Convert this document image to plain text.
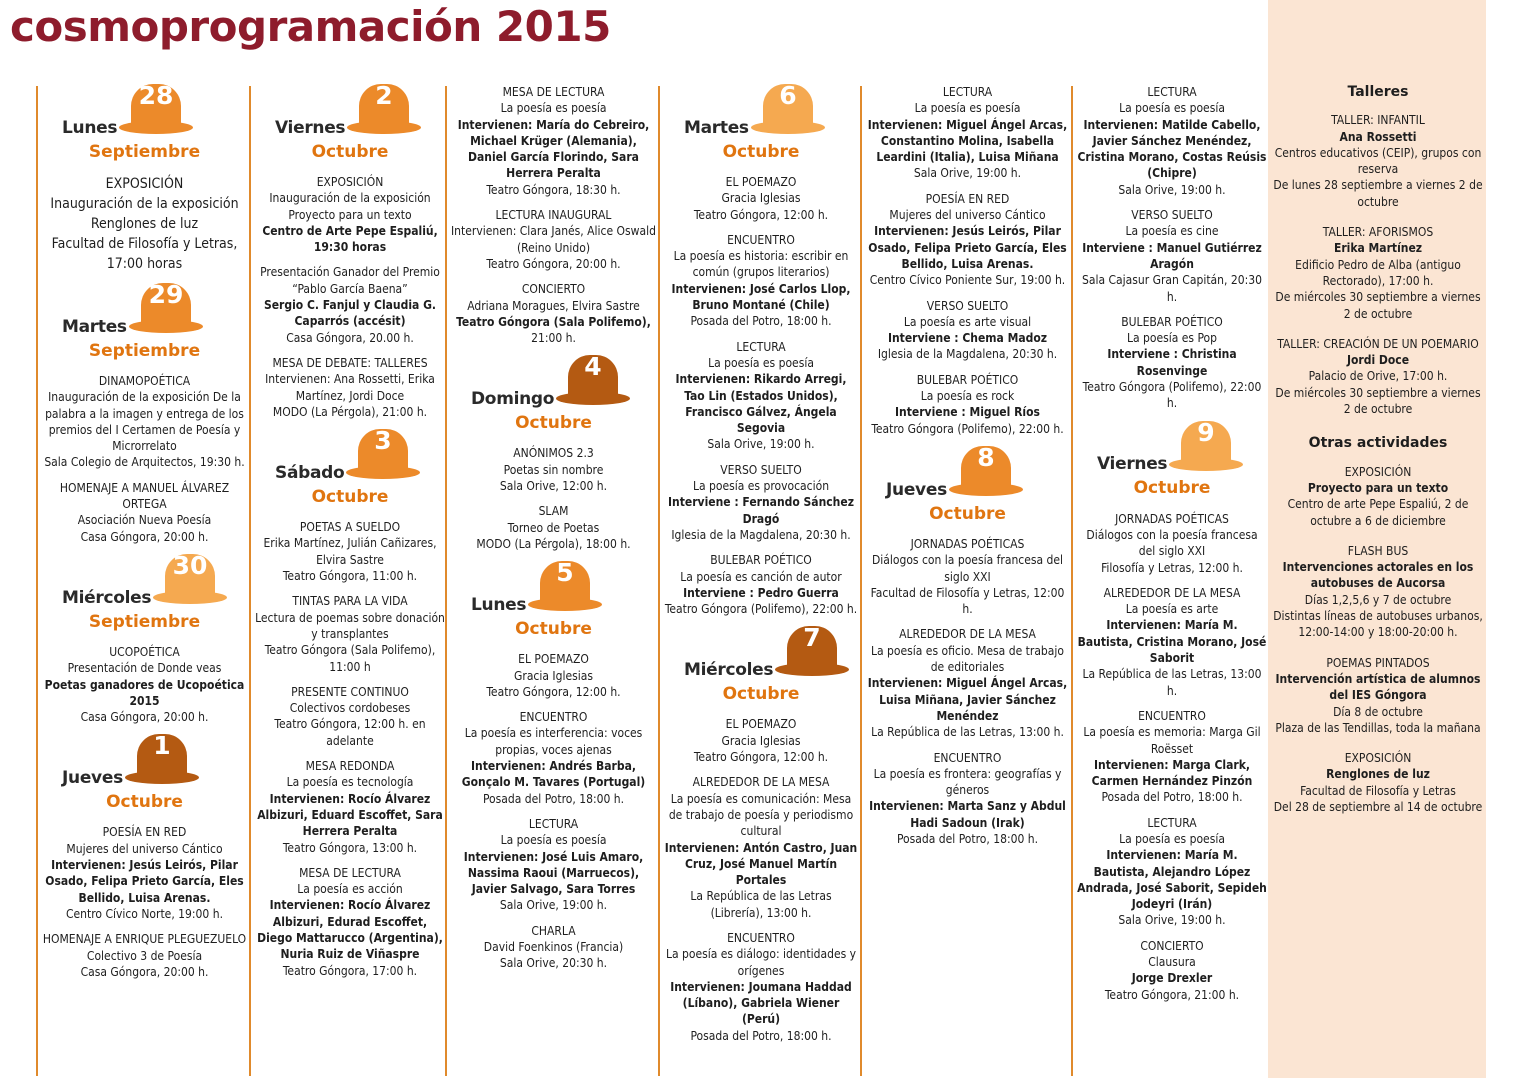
cosmoprogramación 2015
Lunes
28
Septiembre
EXPOSICIÓN
Inauguración de la exposición Renglones de luz
Facultad de Filosofía y Letras, 17:00 horas
Martes
29
Septiembre
DINAMOPOÉTICA
Inauguración de la exposición De la palabra a la imagen y entrega de los premios del I Certamen de Poesía y Microrrelato
Sala Colegio de Arquitectos, 19:30 h.
HOMENAJE A MANUEL ÁLVAREZ ORTEGA
Asociación Nueva Poesía
Casa Góngora, 20:00 h.
Miércoles
30
Septiembre
UCOPOÉTICA
Presentación de Donde veas
Poetas ganadores de Ucopoética 2015
Casa Góngora, 20:00 h.
Jueves
1
Octubre
POESÍA EN RED
Mujeres del universo Cántico
Intervienen: Jesús Leirós, Pilar Osado, Felipa Prieto García, Eles Bellido, Luisa Arenas.
Centro Cívico Norte, 19:00 h.
HOMENAJE A ENRIQUE PLEGUEZUELO
Colectivo 3 de Poesía
Casa Góngora, 20:00 h.
Viernes
2
Octubre
EXPOSICIÓN
Inauguración de la exposición Proyecto para un texto
Centro de Arte Pepe Espaliú, 19:30 horas
Presentación Ganador del Premio “Pablo García Baena”
Sergio C. Fanjul y Claudia G. Caparrós (accésit)
Casa Góngora, 20.00 h.
MESA DE DEBATE: TALLERES
Intervienen: Ana Rossetti, Erika Martínez, Jordi Doce
MODO (La Pérgola), 21:00 h.
Sábado
3
Octubre
POETAS A SUELDO
Erika Martínez, Julián Cañizares, Elvira Sastre
Teatro Góngora, 11:00 h.
TINTAS PARA LA VIDA
Lectura de poemas sobre donación y transplantes
Teatro Góngora (Sala Polifemo), 11:00 h
PRESENTE CONTINUO
Colectivos cordobeses
Teatro Góngora, 12:00 h. en adelante
MESA REDONDA
La poesía es tecnología
Intervienen: Rocío Álvarez Albizuri, Eduard Escoffet, Sara Herrera Peralta
Teatro Góngora, 13:00 h.
MESA DE LECTURA
La poesía es acción
Intervienen: Rocío Álvarez Albizuri, Edurad Escoffet, Diego Mattarucco (Argentina), Nuria Ruiz de Viñaspre
Teatro Góngora, 17:00 h.
MESA DE LECTURA
La poesía es poesía
Intervienen: María do Cebreiro, Michael Krüger (Alemania), Daniel García Florindo, Sara Herrera Peralta
Teatro Góngora, 18:30 h.
LECTURA INAUGURAL
Intervienen: Clara Janés, Alice Oswald (Reino Unido)
Teatro Góngora, 20:00 h.
CONCIERTO
Adriana Moragues, Elvira Sastre
Teatro Góngora (Sala Polifemo),
21:00 h.
Domingo
4
Octubre
ANÓNIMOS 2.3
Poetas sin nombre
Sala Orive, 12:00 h.
SLAM
Torneo de Poetas
MODO (La Pérgola), 18:00 h.
Lunes
5
Octubre
EL POEMAZO
Gracia Iglesias
Teatro Góngora, 12:00 h.
ENCUENTRO
La poesía es interferencia: voces propias, voces ajenas
Intervienen: Andrés Barba, Gonçalo M. Tavares (Portugal)
Posada del Potro, 18:00 h.
LECTURA
La poesía es poesía
Intervienen: José Luis Amaro, Nassima Raoui (Marruecos), Javier Salvago, Sara Torres
Sala Orive, 19:00 h.
CHARLA
David Foenkinos (Francia)
Sala Orive, 20:30 h.
Martes
6
Octubre
EL POEMAZO
Gracia Iglesias
Teatro Góngora, 12:00 h.
ENCUENTRO
La poesía es historia: escribir en común (grupos literarios)
Intervienen: José Carlos Llop, Bruno Montané (Chile)
Posada del Potro, 18:00 h.
LECTURA
La poesía es poesía
Intervienen: Rikardo Arregi, Tao Lin (Estados Unidos), Francisco Gálvez, Ángela Segovia
Sala Orive, 19:00 h.
VERSO SUELTO
La poesía es provocación
Interviene : Fernando Sánchez Dragó
Iglesia de la Magdalena, 20:30 h.
BULEBAR POÉTICO
La poesía es canción de autor
Interviene : Pedro Guerra
Teatro Góngora (Polifemo), 22:00 h.
Miércoles
7
Octubre
EL POEMAZO
Gracia Iglesias
Teatro Góngora, 12:00 h.
ALREDEDOR DE LA MESA
La poesía es comunicación: Mesa de trabajo de poesía y periodismo cultural
Intervienen: Antón Castro, Juan Cruz, José Manuel Martín Portales
La República de las Letras (Librería), 13:00 h.
ENCUENTRO
La poesía es diálogo: identidades y orígenes
Intervienen: Joumana Haddad (Líbano), Gabriela Wiener (Perú)
Posada del Potro, 18:00 h.
LECTURA
La poesía es poesía
Intervienen: Miguel Ángel Arcas, Constantino Molina, Isabella Leardini (Italia), Luisa Miñana
Sala Orive, 19:00 h.
POESÍA EN RED
Mujeres del universo Cántico
Intervienen: Jesús Leirós, Pilar Osado, Felipa Prieto García, Eles Bellido, Luisa Arenas.
Centro Cívico Poniente Sur, 19:00 h.
VERSO SUELTO
La poesía es arte visual
Interviene : Chema Madoz
Iglesia de la Magdalena, 20:30 h.
BULEBAR POÉTICO
La poesía es rock
Interviene : Miguel Ríos
Teatro Góngora (Polifemo), 22:00 h.
Jueves
8
Octubre
JORNADAS POÉTICAS
Diálogos con la poesía francesa del siglo XXI
Facultad de Filosofía y Letras, 12:00 h.
ALREDEDOR DE LA MESA
La poesía es oficio. Mesa de trabajo de editoriales
Intervienen: Miguel Ángel Arcas, Luisa Miñana, Javier Sánchez Menéndez
La República de las Letras, 13:00 h.
ENCUENTRO
La poesía es frontera: geografías y géneros
Intervienen: Marta Sanz y Abdul Hadi Sadoun (Irak)
Posada del Potro, 18:00 h.
LECTURA
La poesía es poesía
Intervienen: Matilde Cabello, Javier Sánchez Menéndez, Cristina Morano, Costas Reúsis (Chipre)
Sala Orive, 19:00 h.
VERSO SUELTO
La poesía es cine
Interviene : Manuel Gutiérrez Aragón
Sala Cajasur Gran Capitán, 20:30 h.
BULEBAR POÉTICO
La poesía es Pop
Interviene : Christina Rosenvinge
Teatro Góngora (Polifemo), 22:00 h.
Viernes
9
Octubre
JORNADAS POÉTICAS
Diálogos con la poesía francesa del siglo XXI
Filosofía y Letras, 12:00 h.
ALREDEDOR DE LA MESA
La poesía es arte
Intervienen: María M. Bautista, Cristina Morano, José Saborit
La República de las Letras, 13:00 h.
ENCUENTRO
La poesía es memoria: Marga Gil Roësset
Intervienen: Marga Clark, Carmen Hernández Pinzón
Posada del Potro, 18:00 h.
LECTURA
La poesía es poesía
Intervienen: María M. Bautista, Alejandro López Andrada, José Saborit, Sepideh Jodeyri (Irán)
Sala Orive, 19:00 h.
CONCIERTO
Clausura
Jorge Drexler
Teatro Góngora, 21:00 h.
Talleres
TALLER: INFANTIL
Ana Rossetti
Centros educativos (CEIP), grupos con reserva
De lunes 28 septiembre a viernes 2 de octubre
TALLER: AFORISMOS
Erika Martínez
Edificio Pedro de Alba (antiguo Rectorado), 17:00 h.
De miércoles 30 septiembre a viernes 2 de octubre
TALLER: CREACIÓN DE UN POEMARIO
Jordi Doce
Palacio de Orive, 17:00 h.
De miércoles 30 septiembre a viernes 2 de octubre
Otras actividades
EXPOSICIÓN
Proyecto para un texto
Centro de arte Pepe Espaliú, 2 de octubre a 6 de diciembre
FLASH BUS
Intervenciones actorales en los autobuses de Aucorsa
Días 1,2,5,6 y 7 de octubre
Distintas líneas de autobuses urbanos, 12:00-14:00 y 18:00-20:00 h.
POEMAS PINTADOS
Intervención artística de alumnos del IES Góngora
Día 8 de octubre
Plaza de las Tendillas, toda la mañana
EXPOSICIÓN
Renglones de luz
Facultad de Filosofía y Letras
Del 28 de septiembre al 14 de octubre
